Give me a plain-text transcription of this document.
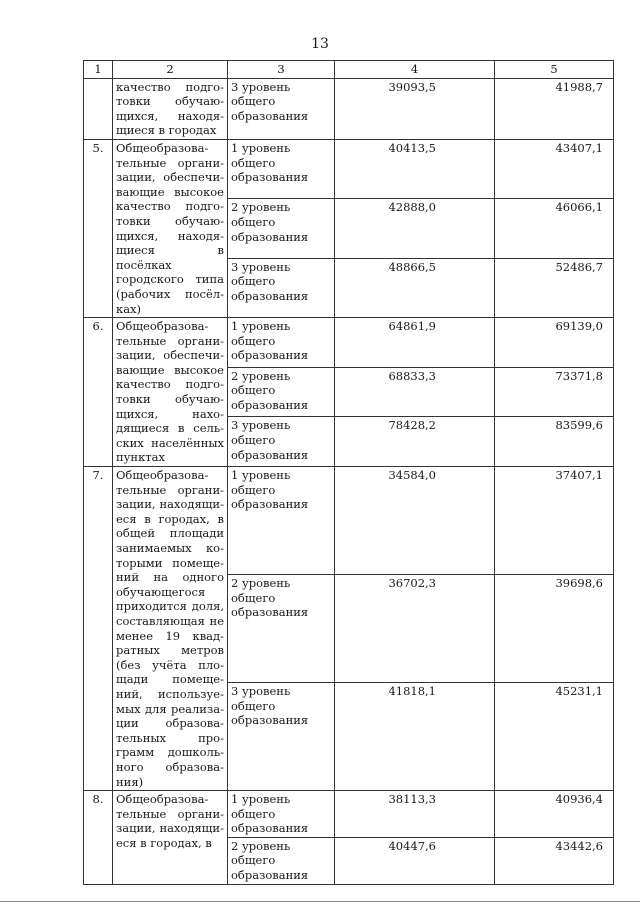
13
1	2	3	4	5
	качество подготовки обучающихся, находящиеся в городах	3 уровень общего образования	39093,5	41988,7
5.	Общеобразовательные организации, обеспечивающие высокое качество подготовки обучающихся, находящиеся в посёлках городского типа (рабочих посёлках)	1 уровень общего образования	40413,5	43407,1
		2 уровень общего образования	42888,0	46066,1
		3 уровень общего образования	48866,5	52486,7
6.	Общеобразовательные организации, обеспечивающие высокое качество подготовки обучающихся, находящиеся в сельских населённых пунктах	1 уровень общего образования	64861,9	69139,0
		2 уровень общего образования	68833,3	73371,8
		3 уровень общего образования	78428,2	83599,6
7.	Общеобразовательные организации, находящиеся в городах, в общей площади занимаемых которыми помещений на одного обучающегося приходится доля, составляющая не менее 19 квадратных метров (без учёта площади помещений, используемых для реализации образовательных программ дошкольного образования)	1 уровень общего образования	34584,0	37407,1
		2 уровень общего образования	36702,3	39698,6
		3 уровень общего образования	41818,1	45231,1
8.	Общеобразовательные организации, находящиеся в городах, в	1 уровень общего образования	38113,3	40936,4
		2 уровень общего образования	40447,6	43442,6
